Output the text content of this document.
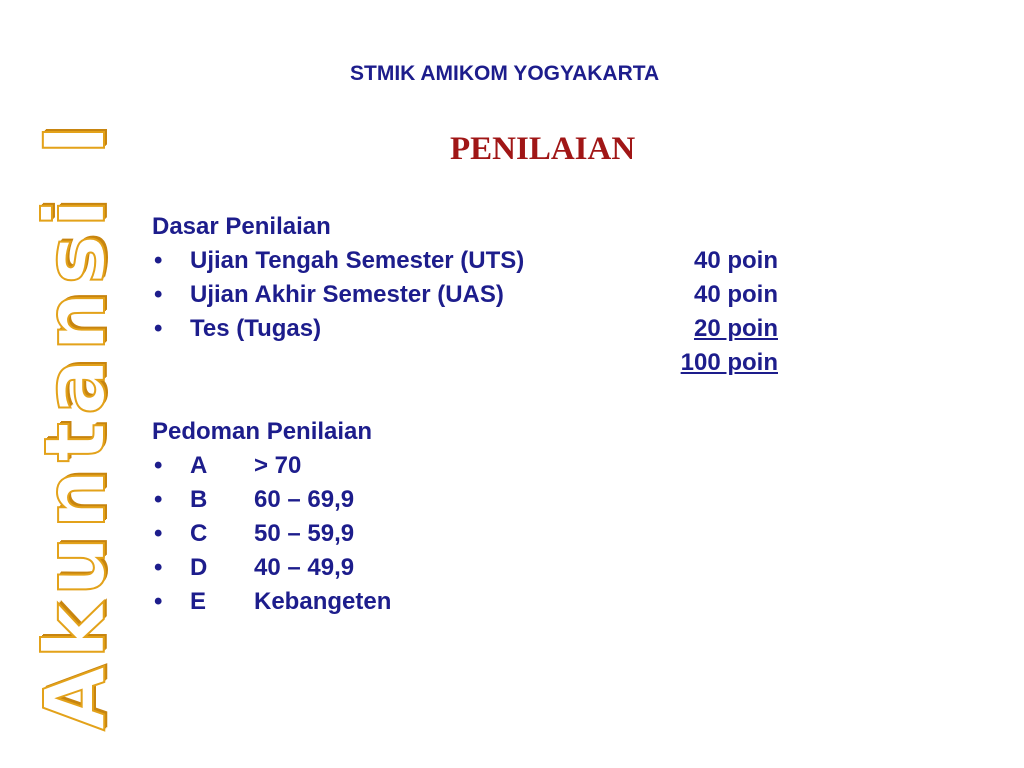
Akuntansi I
STMIK AMIKOM YOGYAKARTA
PENILAIAN
Dasar Penilaian
• Ujian Tengah Semester (UTS)	40 poin
• Ujian Akhir Semester (UAS)	40 poin
• Tes (Tugas)	20 poin
100 poin
Pedoman Penilaian
• A > 70
• B 60 – 69,9
• C 50 – 59,9
• D 40 – 49,9
• E Kebangeten
